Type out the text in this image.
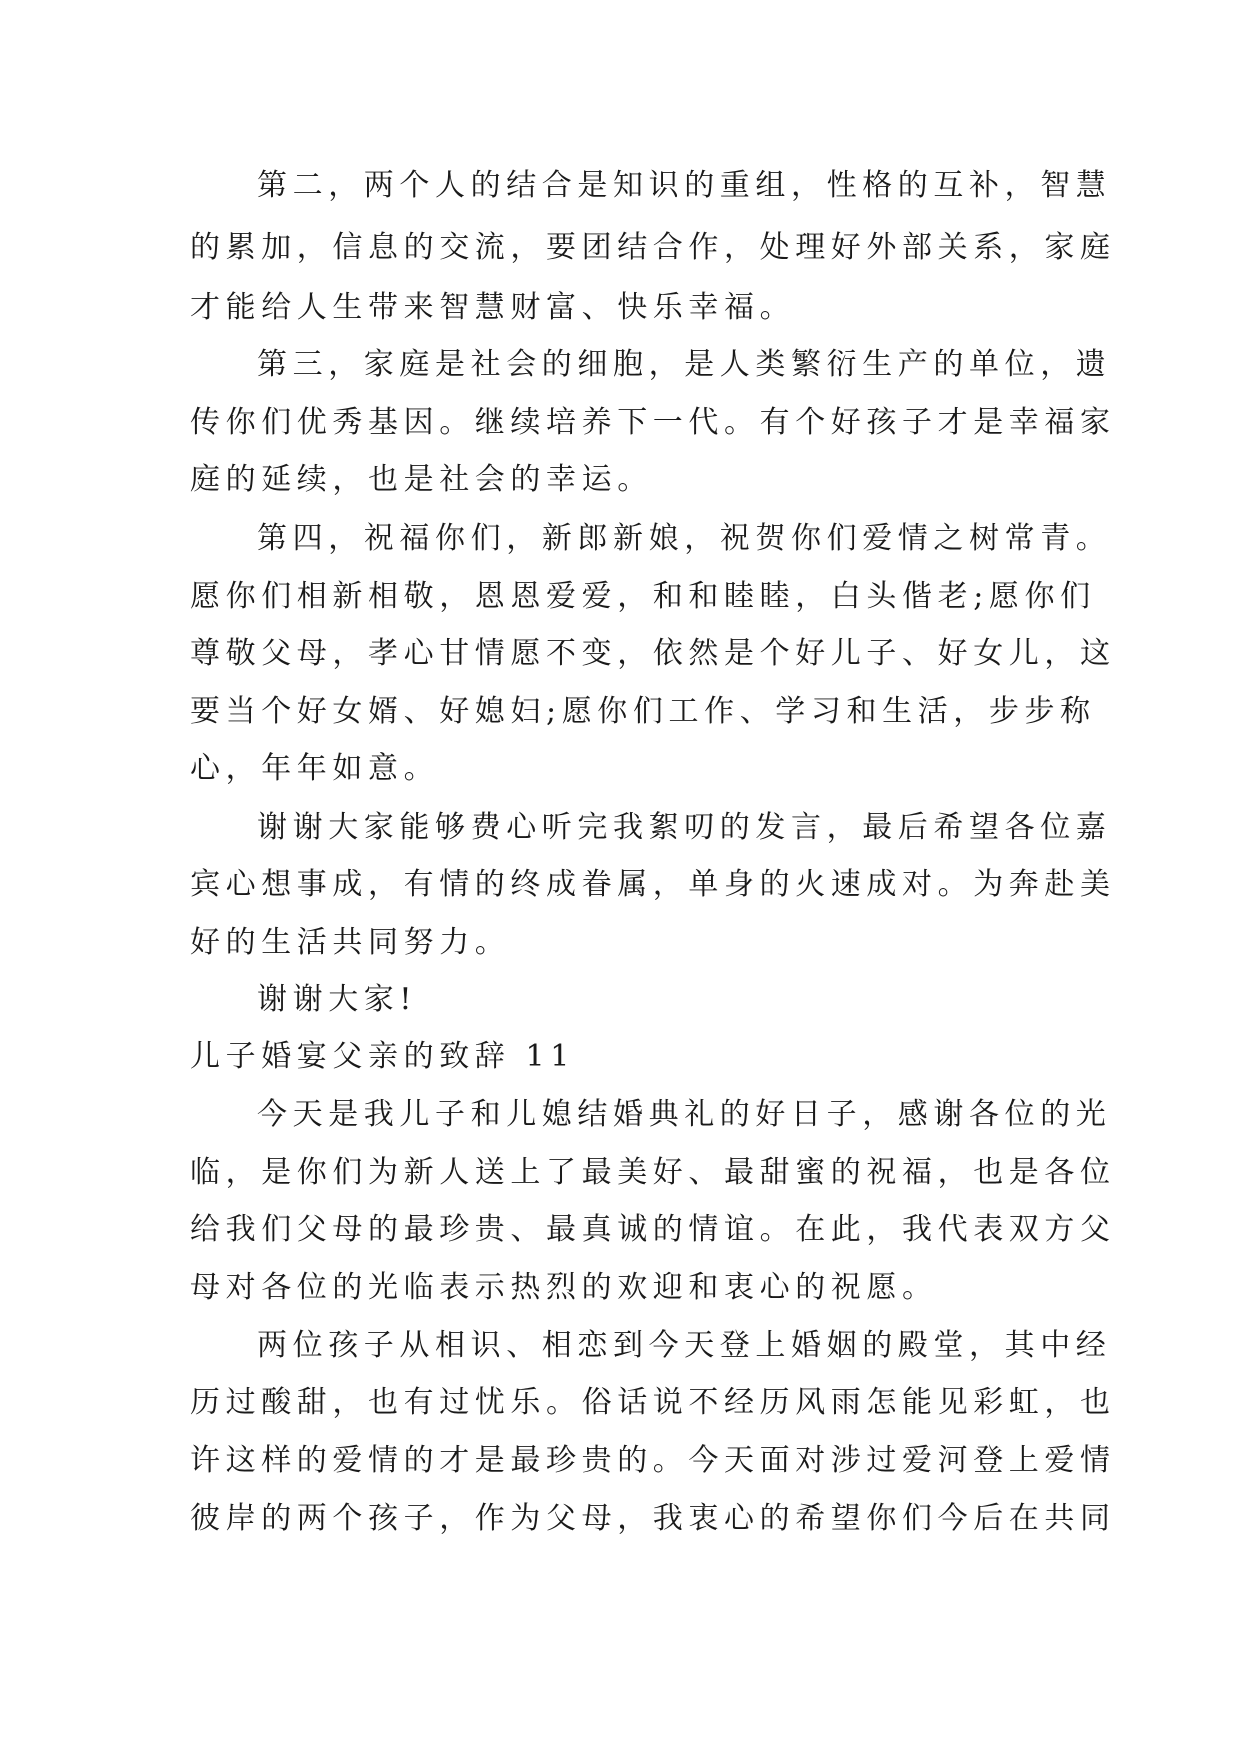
第二，两个人的结合是知识的重组，性格的互补，智慧

的累加，信息的交流，要团结合作，处理好外部关系，家庭

才能给人生带来智慧财富、快乐幸福。

第三，家庭是社会的细胞，是人类繁衍生产的单位，遗

传你们优秀基因。继续培养下一代。有个好孩子才是幸福家

庭的延续，也是社会的幸运。

第四，祝福你们，新郎新娘，祝贺你们爱情之树常青。

愿你们相新相敬，恩恩爱爱，和和睦睦，白头偕老;愿你们

尊敬父母，孝心甘情愿不变，依然是个好儿子、好女儿，这

要当个好女婿、好媳妇;愿你们工作、学习和生活，步步称

心，年年如意。

谢谢大家能够费心听完我絮叨的发言，最后希望各位嘉

宾心想事成，有情的终成眷属，单身的火速成对。为奔赴美

好的生活共同努力。

谢谢大家!

儿子婚宴父亲的致辞 11

今天是我儿子和儿媳结婚典礼的好日子，感谢各位的光

临，是你们为新人送上了最美好、最甜蜜的祝福，也是各位

给我们父母的最珍贵、最真诚的情谊。在此，我代表双方父

母对各位的光临表示热烈的欢迎和衷心的祝愿。

两位孩子从相识、相恋到今天登上婚姻的殿堂，其中经

历过酸甜，也有过忧乐。俗话说不经历风雨怎能见彩虹，也

许这样的爱情的才是最珍贵的。今天面对涉过爱河登上爱情

彼岸的两个孩子，作为父母，我衷心的希望你们今后在共同
